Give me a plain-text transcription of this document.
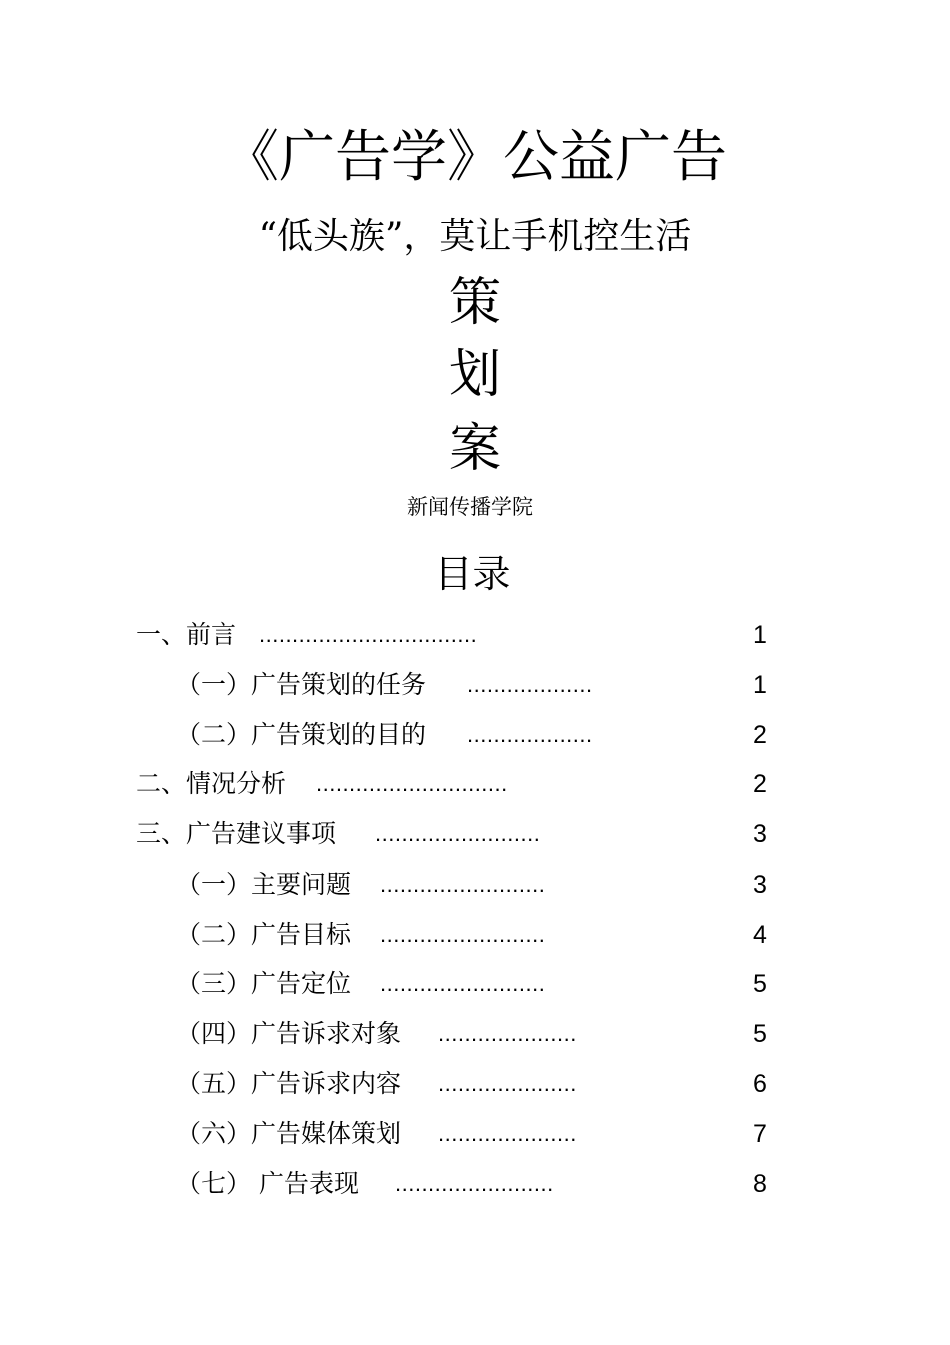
《广告学》公益广告
“低头族”，莫让手机控生活
策
划
案
新闻传播学院
目录
一、前言 .................................	1
（一）广告策划的任务 ...................	1
（二）广告策划的目的 ...................	2
二、情况分析 .............................	2
三、广告建议事项 .........................	3
（一）主要问题 .........................	3
（二）广告目标 .........................	4
（三）广告定位 .........................	5
（四）广告诉求对象 .....................	5
（五）广告诉求内容 .....................	6
（六）广告媒体策划 .....................	7
（七） 广告表现 ........................	8
